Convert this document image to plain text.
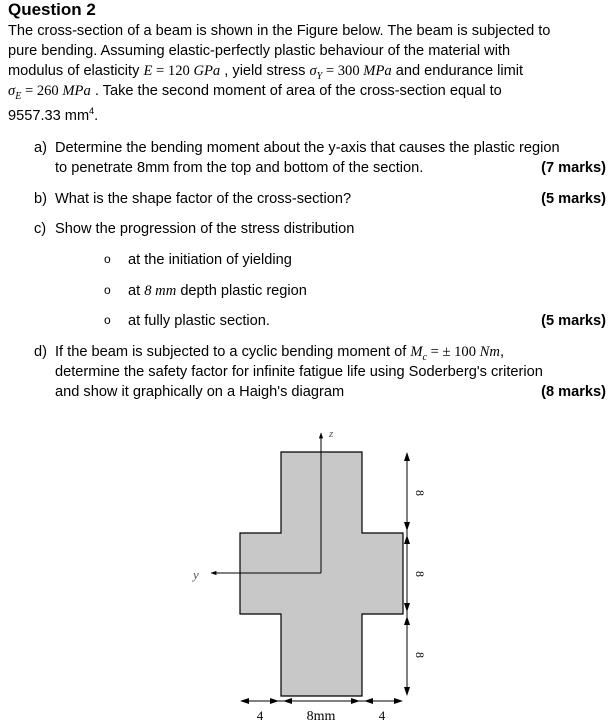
Question 2
The cross-section of a beam is shown in the Figure below. The beam is subjected to
pure bending. Assuming elastic-perfectly plastic behaviour of the material with
modulus of elasticity E = 120 GPa , yield stress $\sigma_Y = 300$ MPa and endurance limit
$\sigma_E = 260$ MPa . Take the second moment of area of the cross-section equal to
9557.33 $mm^4$.
a) Determine the bending moment about the y-axis that causes the plastic region
to penetrate 8mm from the top and bottom of the section.	(7 marks)
b) What is the shape factor of the cross-section?	(5 marks)
c) Show the progression of the stress distribution
o at the initiation of yielding
o at 8 mm depth plastic region
o at fully plastic section.	(5 marks)
d) If the beam is subjected to a cyclic bending moment of $M_c$ = ± 100 Nm,
determine the safety factor for infinite fatigue life using Soderberg's criterion
and show it graphically on a Haigh's diagram	(8 marks)
z
y
8
8
8
4	8mm	4
